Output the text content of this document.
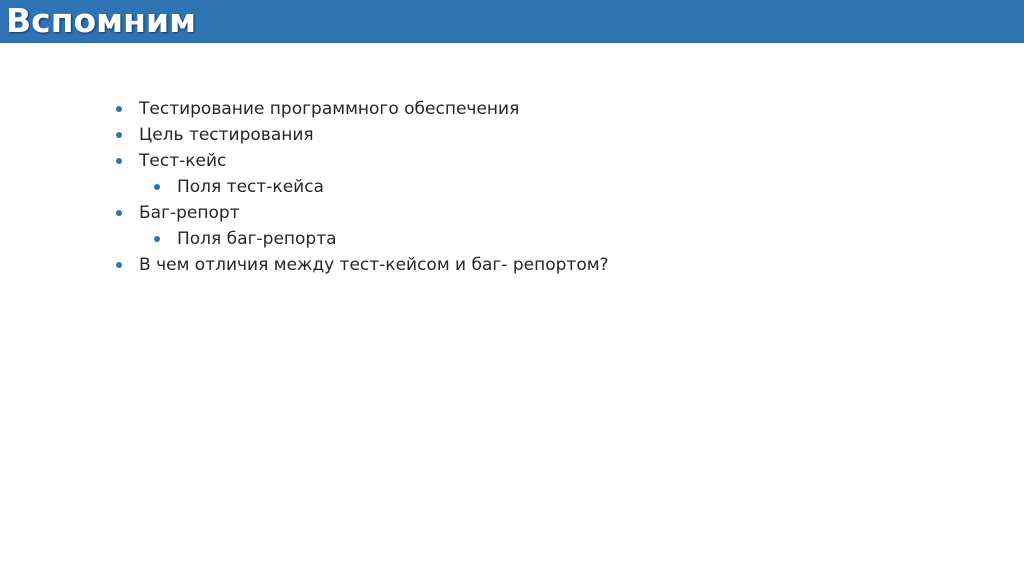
Вспомним
Тестирование программного обеспечения
Цель тестирования
Тест-кейс
Поля тест-кейса
Баг-репорт
Поля баг-репорта
В чем отличия между тест-кейсом и баг- репортом?
